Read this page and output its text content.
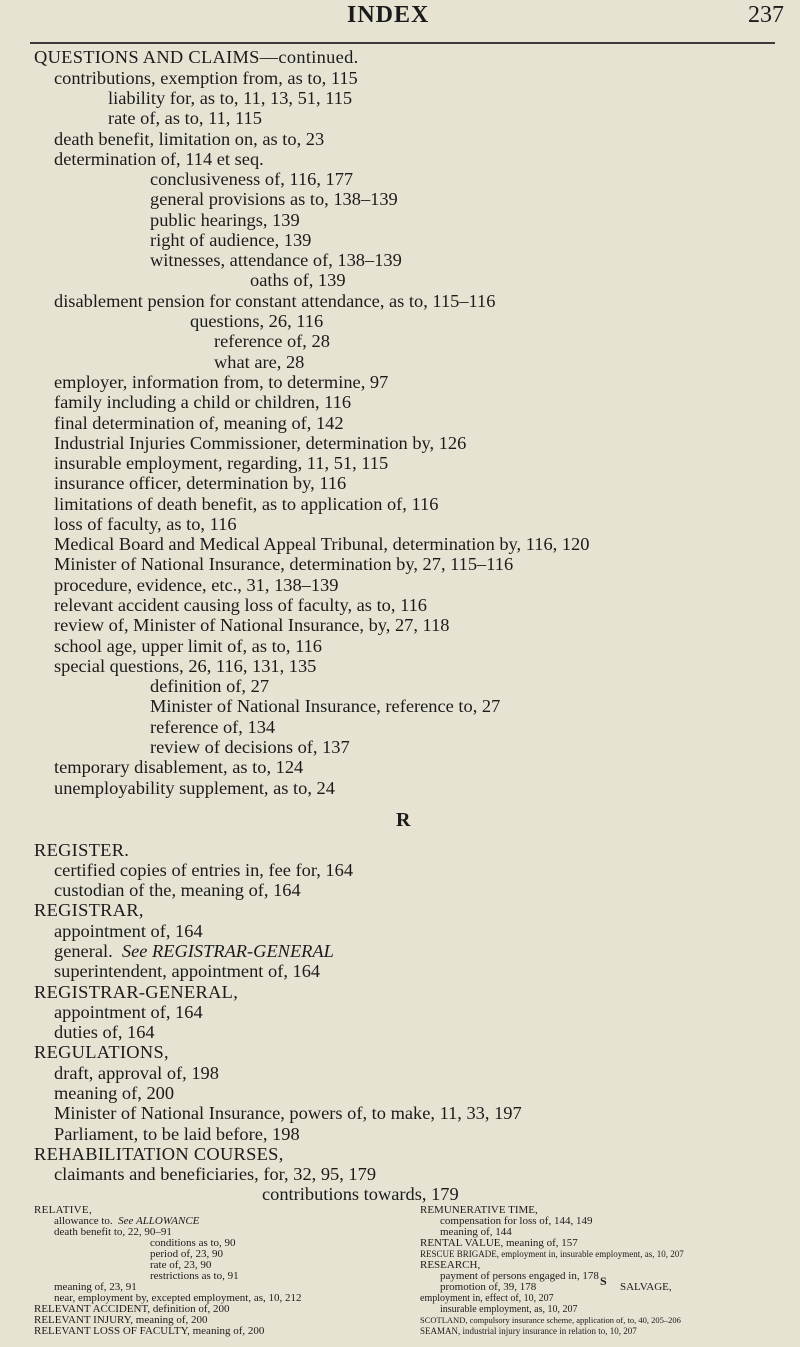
INDEX	237
QUESTIONS AND CLAIMS—continued.
contributions, exemption from, as to, 115
liability for, as to, 11, 13, 51, 115
rate of, as to, 11, 115
death benefit, limitation on, as to, 23
determination of, 114 et seq.
conclusiveness of, 116, 177
general provisions as to, 138–139
public hearings, 139
right of audience, 139
witnesses, attendance of, 138–139
oaths of, 139
disablement pension for constant attendance, as to, 115–116
questions, 26, 116
reference of, 28
what are, 28
employer, information from, to determine, 97
family including a child or children, 116
final determination of, meaning of, 142
Industrial Injuries Commissioner, determination by, 126
insurable employment, regarding, 11, 51, 115
insurance officer, determination by, 116
limitations of death benefit, as to application of, 116
loss of faculty, as to, 116
Medical Board and Medical Appeal Tribunal, determination by, 116, 120
Minister of National Insurance, determination by, 27, 115–116
procedure, evidence, etc., 31, 138–139
relevant accident causing loss of faculty, as to, 116
review of, Minister of National Insurance, by, 27, 118
school age, upper limit of, as to, 116
special questions, 26, 116, 131, 135
definition of, 27
Minister of National Insurance, reference to, 27
reference of, 134
review of decisions of, 137
temporary disablement, as to, 124
unemployability supplement, as to, 24
R
REGISTER.
certified copies of entries in, fee for, 164
custodian of the, meaning of, 164
REGISTRAR,
appointment of, 164
general. See REGISTRAR-GENERAL
superintendent, appointment of, 164
REGISTRAR-GENERAL,
appointment of, 164
duties of, 164
REGULATIONS,
draft, approval of, 198
meaning of, 200
Minister of National Insurance, powers of, to make, 11, 33, 197
Parliament, to be laid before, 198
REHABILITATION COURSES,
claimants and beneficiaries, for, 32, 95, 179
contributions towards, 179
RELATIVE,
allowance to. See ALLOWANCE
death benefit to, 22, 90–91
conditions as to, 90
period of, 23, 90
rate of, 23, 90
restrictions as to, 91
meaning of, 23, 91
near, employment by, excepted employment, as, 10, 212
RELEVANT ACCIDENT, definition of, 200
RELEVANT INJURY, meaning of, 200
RELEVANT LOSS OF FACULTY, meaning of, 200
REMUNERATIVE TIME,
compensation for loss of, 144, 149
meaning of, 144
RENTAL VALUE, meaning of, 157
RESCUE BRIGADE, employment in, insurable employment, as, 10, 207
RESEARCH,
payment of persons engaged in, 178
promotion of, 39, 178	S SALVAGE,
employment in, effect of, 10, 207
insurable employment, as, 10, 207
SCOTLAND, compulsory insurance scheme, application of, to, 40, 205–206
SEAMAN, industrial injury insurance in relation to, 10, 207
